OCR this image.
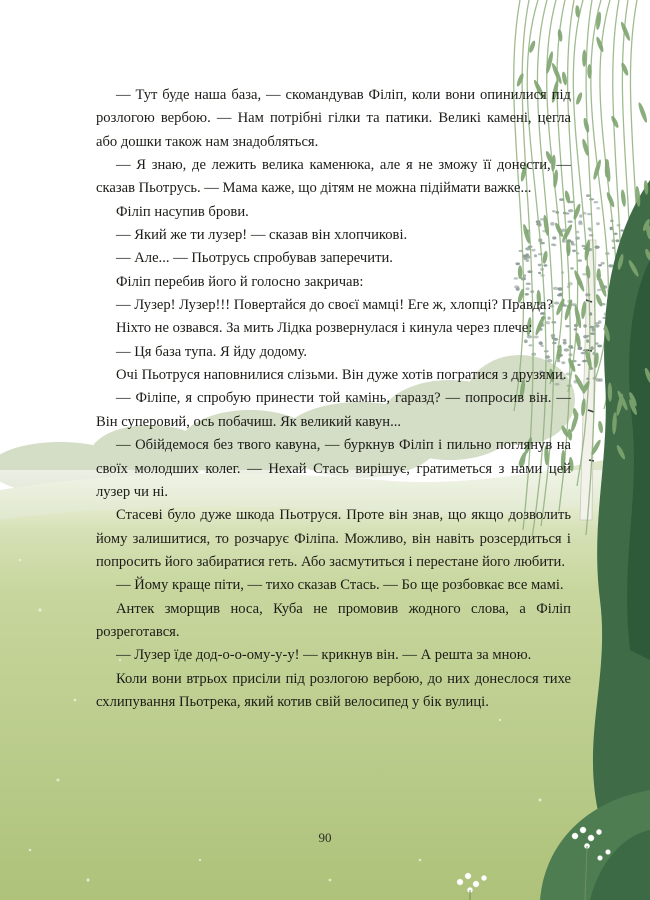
— Тут буде наша база, — скомандував Філіп, коли вони опинилися під розлогою вербою. — Нам потрібні гілки та патики. Великі камені, цегла або дошки також нам знадобляться.

— Я знаю, де лежить велика каменюка, але я не зможу її донести, — сказав Пьотрусь. — Мама каже, що дітям не можна підіймати важке...

Філіп насупив брови.

— Який же ти лузер! — сказав він хлопчикові.

— Але... — Пьотрусь спробував заперечити.

Філіп перебив його й голосно закричав:

— Лузер! Лузер!!! Повертайся до своєї мамці! Еге ж, хлопці? Правда?

Ніхто не озвався. За мить Лідка розвернулася і кинула через плече:

— Ця база тупа. Я йду додому.

Очі Пьотруся наповнилися слізьми. Він дуже хотів погратися з друзями.

— Філіпе, я спробую принести той камінь, гаразд? — попросив він. — Він суперовий, ось побачиш. Як великий кавун...

— Обійдемося без твого кавуна, — буркнув Філіп і пильно поглянув на своїх молодших колег. — Нехай Стась вирішує, гратиметься з нами цей лузер чи ні.

Стасеві було дуже шкода Пьотруся. Проте він знав, що якщо дозволить йому залишитися, то розчарує Філіпа. Можливо, він навіть розсердиться і попросить його забиратися геть. Або засмутиться і перестане його любити.

— Йому краще піти, — тихо сказав Стась. — Бо ще розбовкає все мамі.

Антек зморщив носа, Куба не промовив жодного слова, а Філіп розреготався.

— Лузер їде дод-о-о-ому-у-у! — крикнув він. — А решта за мною.

Коли вони втрьох присіли під розлогою вербою, до них донеслося тихе схлипування Пьотрека, який котив свій велосипед у бік вулиці.

90
